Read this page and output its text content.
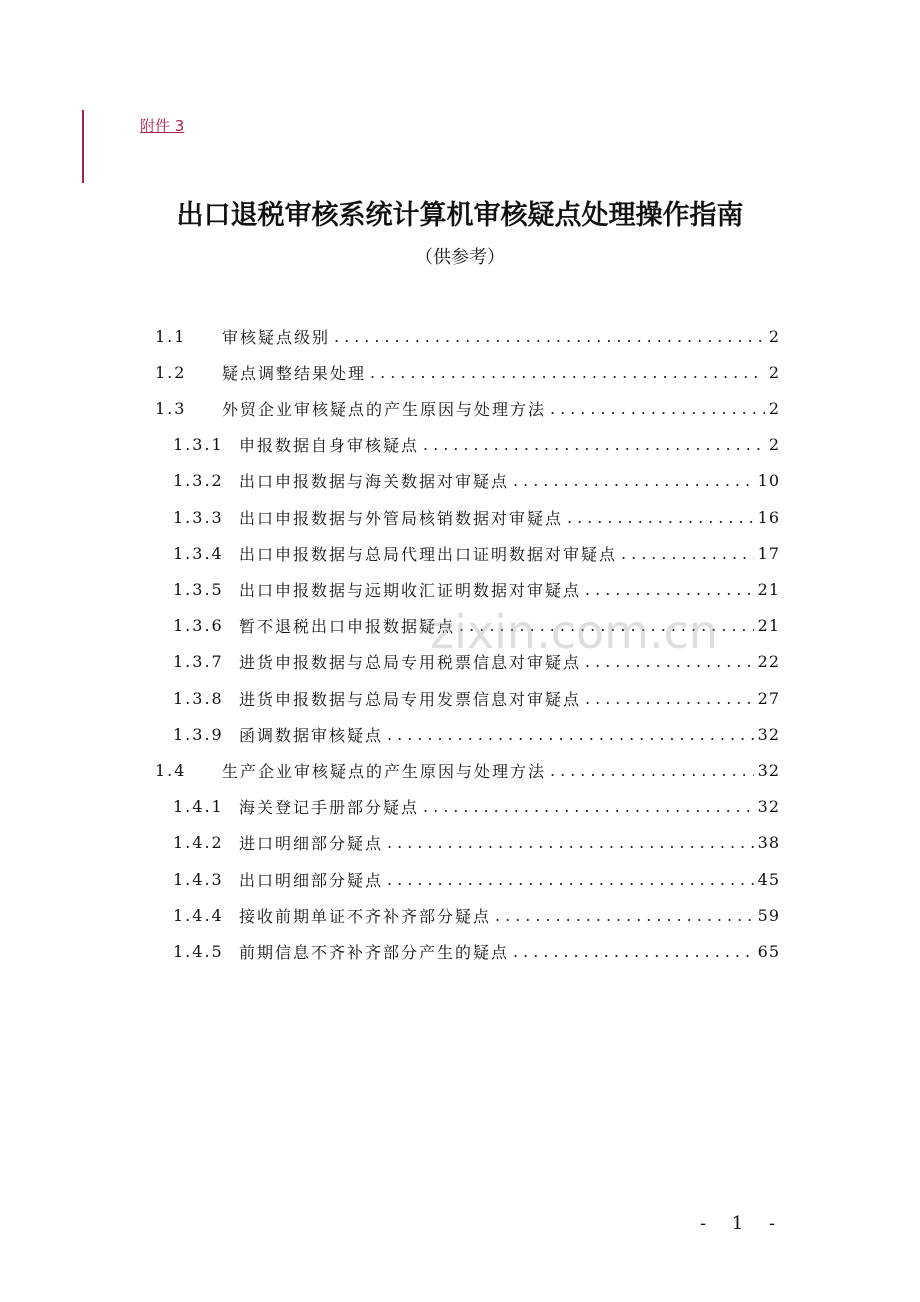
附件 3
出口退税审核系统计算机审核疑点处理操作指南
（供参考）
1.1	审核疑点级别 .....	2
1.2	疑点调整结果处理 .....	2
1.3	外贸企业审核疑点的产生原因与处理方法 .....	2
1.3.1 申报数据自身审核疑点 .....	2
1.3.2 出口申报数据与海关数据对审疑点 .....	10
1.3.3 出口申报数据与外管局核销数据对审疑点 .....	16
1.3.4 出口申报数据与总局代理出口证明数据对审疑点 .....	17
1.3.5 出口申报数据与远期收汇证明数据对审疑点 .....	21
1.3.6 暂不退税出口申报数据疑点 .....	21
1.3.7 进货申报数据与总局专用税票信息对审疑点 .....	22
1.3.8 进货申报数据与总局专用发票信息对审疑点 .....	27
1.3.9 函调数据审核疑点 .....	32
1.4	生产企业审核疑点的产生原因与处理方法 .....	32
1.4.1 海关登记手册部分疑点 .....	32
1.4.2 进口明细部分疑点 .....	38
1.4.3 出口明细部分疑点 .....	45
1.4.4 接收前期单证不齐补齐部分疑点 .....	59
1.4.5 前期信息不齐补齐部分产生的疑点 .....	65
zixin.com.cn
- 1 -
